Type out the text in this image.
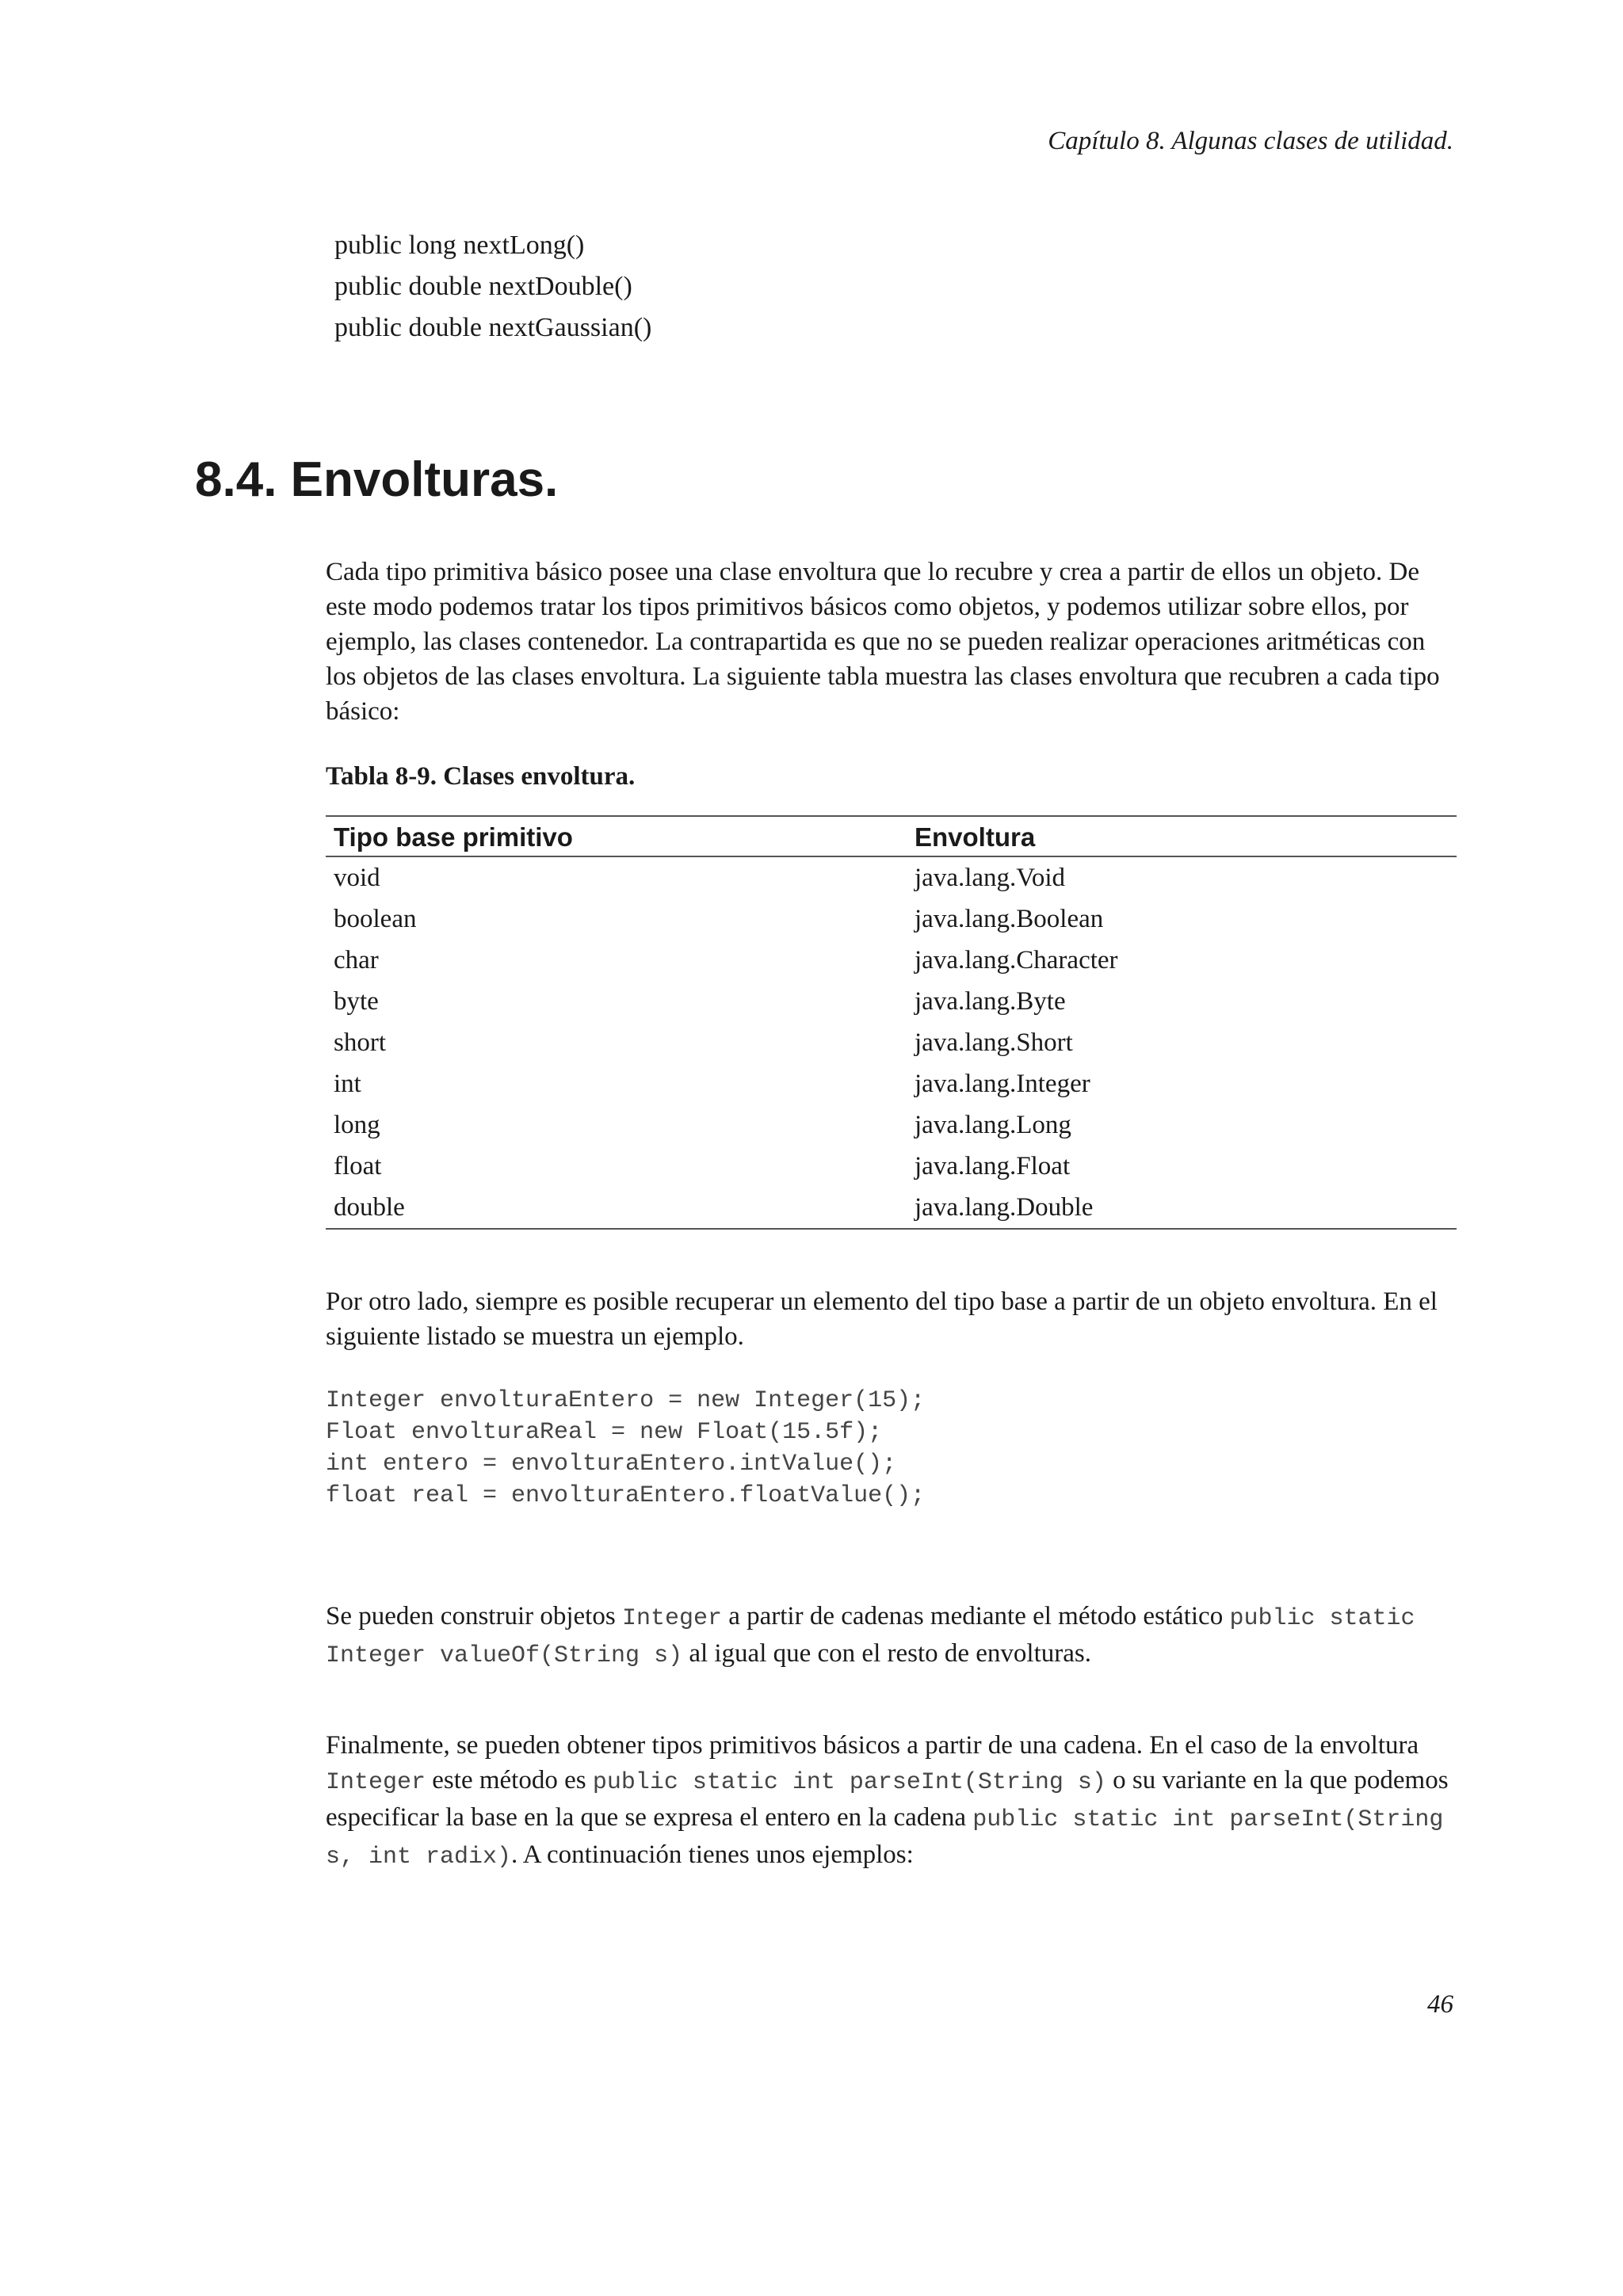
Capítulo 8. Algunas clases de utilidad.
public long nextLong()
public double nextDouble()
public double nextGaussian()
8.4. Envolturas.
Cada tipo primitiva básico posee una clase envoltura que lo recubre y crea a partir de ellos un objeto. De este modo podemos tratar los tipos primitivos básicos como objetos, y podemos utilizar sobre ellos, por ejemplo, las clases contenedor. La contrapartida es que no se pueden realizar operaciones aritméticas con los objetos de las clases envoltura. La siguiente tabla muestra las clases envoltura que recubren a cada tipo básico:
Tabla 8-9. Clases envoltura.
Tipo base primitivo	Envoltura
void	java.lang.Void
boolean	java.lang.Boolean
char	java.lang.Character
byte	java.lang.Byte
short	java.lang.Short
int	java.lang.Integer
long	java.lang.Long
float	java.lang.Float
double	java.lang.Double
Por otro lado, siempre es posible recuperar un elemento del tipo base a partir de un objeto envoltura. En el siguiente listado se muestra un ejemplo.
Integer envolturaEntero = new Integer(15);
Float envolturaReal = new Float(15.5f);
int entero = envolturaEntero.intValue();
float real = envolturaEntero.floatValue();
Se pueden construir objetos Integer a partir de cadenas mediante el método estático public static Integer valueOf(String s) al igual que con el resto de envolturas.
Finalmente, se pueden obtener tipos primitivos básicos a partir de una cadena. En el caso de la envoltura Integer este método es public static int parseInt(String s) o su variante en la que podemos especificar la base en la que se expresa el entero en la cadena public static int parseInt(String s, int radix). A continuación tienes unos ejemplos:
46
